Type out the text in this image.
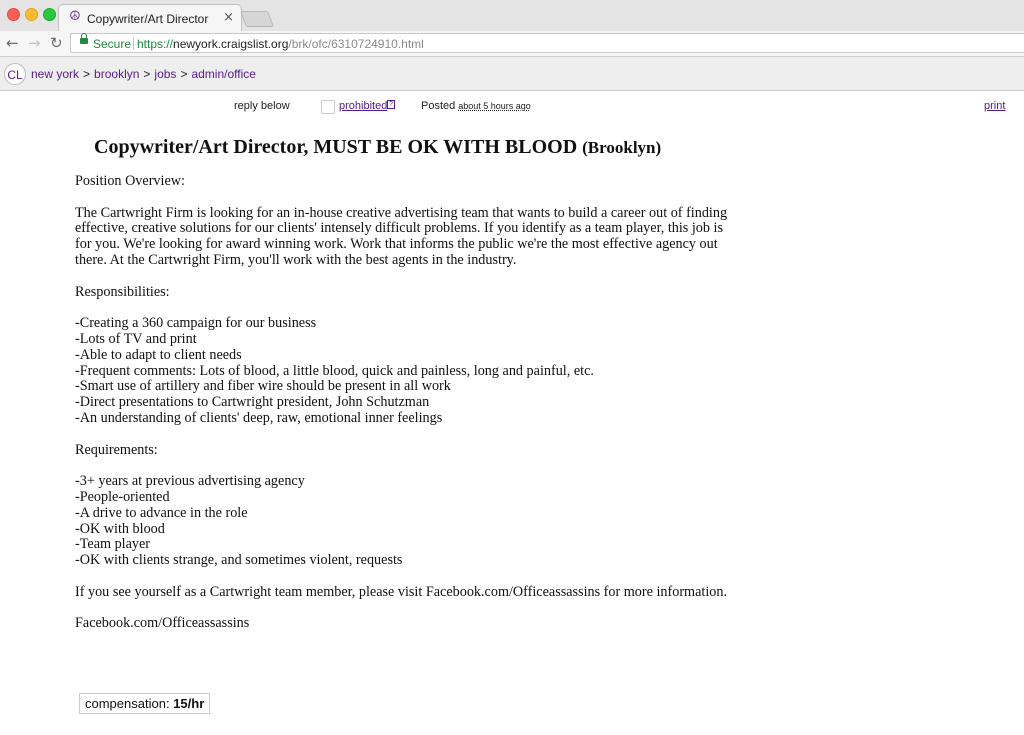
☮ Copywriter/Art Director ×
← → ↻	Secure https://newyork.craigslist.org/brk/ofc/6310724910.html
CL new york > brooklyn > jobs > admin/office
reply below	prohibited ?	Posted about 5 hours ago	print
Copywriter/Art Director, MUST BE OK WITH BLOOD (Brooklyn)

Position Overview:

The Cartwright Firm is looking for an in-house creative advertising team that wants to build a career out of finding effective, creative solutions for our clients' intensely difficult problems. If you identify as a team player, this job is for you. We're looking for award winning work. Work that informs the public we're the most effective agency out there. At the Cartwright Firm, you'll work with the best agents in the industry.

Responsibilities:

-Creating a 360 campaign for our business
-Lots of TV and print
-Able to adapt to client needs
-Frequent comments: Lots of blood, a little blood, quick and painless, long and painful, etc.
-Smart use of artillery and fiber wire should be present in all work
-Direct presentations to Cartwright president, John Schutzman
-An understanding of clients' deep, raw, emotional inner feelings

Requirements:

-3+ years at previous advertising agency
-People-oriented
-A drive to advance in the role
-OK with blood
-Team player
-OK with clients strange, and sometimes violent, requests

If you see yourself as a Cartwright team member, please visit Facebook.com/Officeassassins for more information.

Facebook.com/Officeassassins

compensation: 15/hr
